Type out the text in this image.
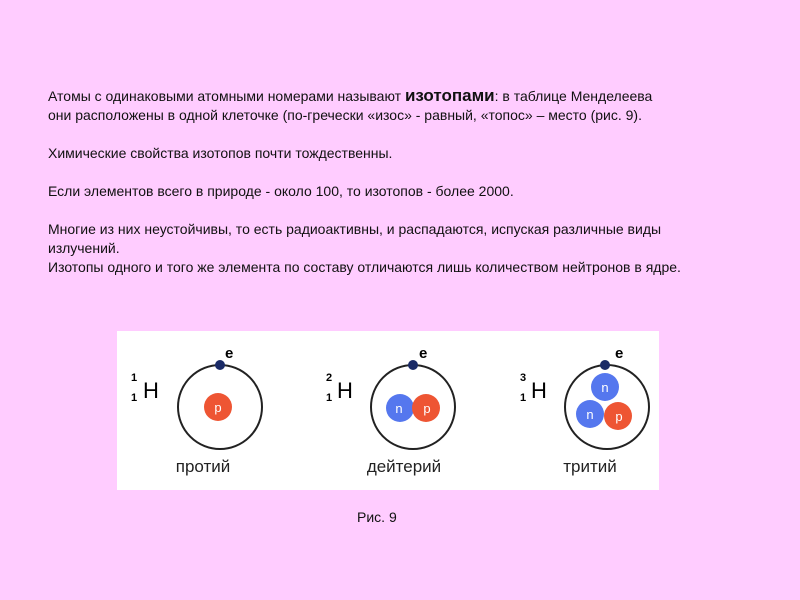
Атомы с одинаковыми атомными номерами называют изотопами: в таблице Менделеева

они расположены в одной клеточке (по-гречески «изос» - равный, «топос» – место (рис. 9).

Химические свойства изотопов почти тождественны.

Если элементов всего в природе - около 100, то изотопов - более 2000.

Многие из них неустойчивы, то есть радиоактивны, и распадаются, испуская различные виды

излучений.

Изотопы одного и того же элемента по составу отличаются лишь количеством нейтронов в ядре.

1
1 H
p
e
протий
2
1 H
n p
e
дейтерий
3
1 H	n
n p
e
тритий
Рис. 9
